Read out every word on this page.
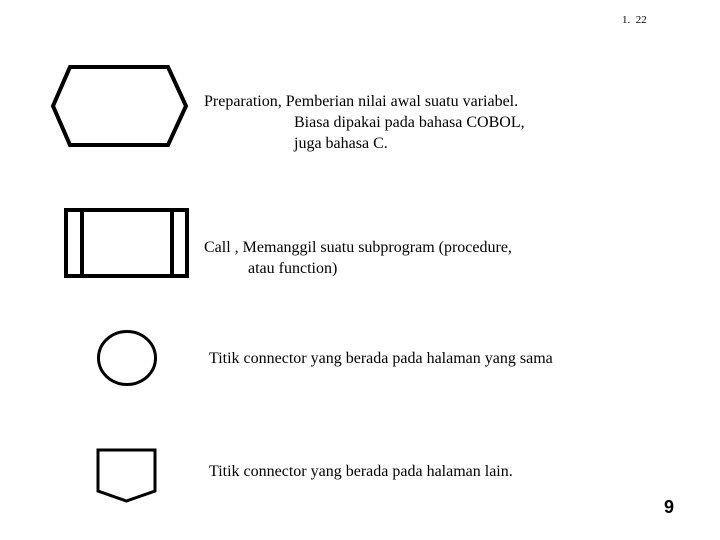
1.  22
Preparation, Pemberian nilai awal suatu variabel.
Biasa dipakai pada bahasa COBOL,
juga bahasa C.
Call , Memanggil suatu subprogram (procedure,
atau function)
Titik connector yang berada pada halaman yang sama
Titik connector yang berada pada halaman lain.
9
